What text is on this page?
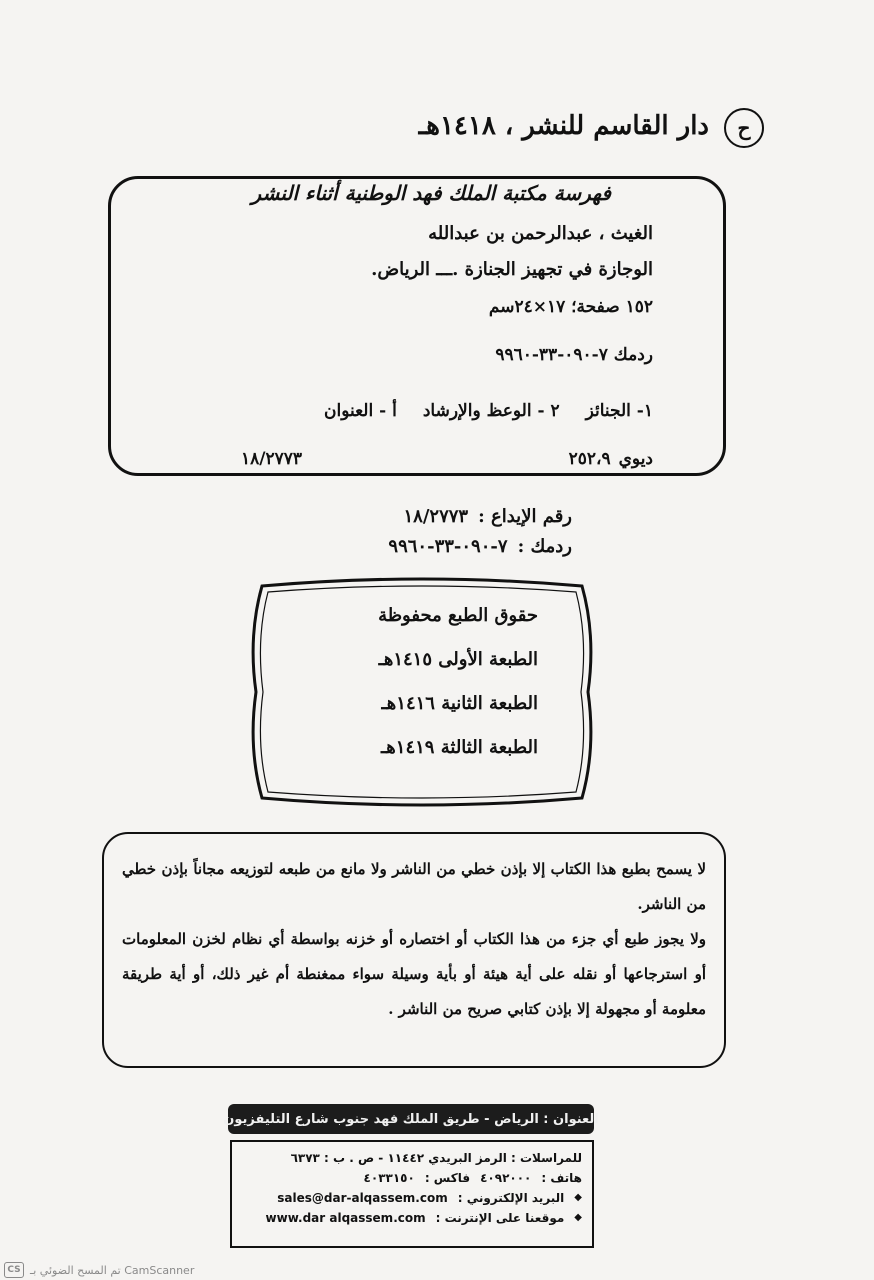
ح
دار القاسم للنشر ، ١٤١٨هـ
فهرسة مكتبة الملك فهد الوطنية أثناء النشر
الغيث ، عبدالرحمن بن عبدالله
الوجازة في تجهيز الجنازة .ـــ الرياض.
١٥٢ صفحة؛ ١٧×٢٤سم
ردمك ٧-٠٩٠-٣٣-٩٩٦٠
١- الجنائز
٢ - الوعظ والإرشاد
أ - العنوان
ديوي
٢٥٢،٩
١٨/٢٧٧٣
رقم الإيداع :
١٨/٢٧٧٣
ردمك :
٧-٠٩٠-٣٣-٩٩٦٠
حقوق الطبع محفوظة
الطبعة الأولى ١٤١٥هـ
الطبعة الثانية ١٤١٦هـ
الطبعة الثالثة ١٤١٩هـ

لا يسمح بطبع هذا الكتاب إلا بإذن خطي من الناشر ولا مانع من طبعه لتوزيعه مجاناً بإذن خطي من الناشر.

ولا يجوز طبع أي جزء من هذا الكتاب أو اختصاره أو خزنه بواسطة أي نظام لخزن المعلومات أو استرجاعها أو نقله على أية هيئة أو بأية وسيلة سواء ممغنطة أم غير ذلك، أو أية طريقة معلومة أو مجهولة إلا بإذن كتابي صريح من الناشر .

العنوان : الرياض - طريق الملك فهد جنوب شارع التليفزيون
للمراسلات : الرمز البريدي ١١٤٤٢ - ص . ب : ٦٣٧٣
هاتف :
٤٠٩٢٠٠٠
فاكس :
٤٠٣٣١٥٠
◆
البريد الإلكتروني :
sales@dar-alqassem.com
◆
موقعنا على الإنترنت :
www.dar alqassem.com
CS تم المسح الضوئي بـ CamScanner
